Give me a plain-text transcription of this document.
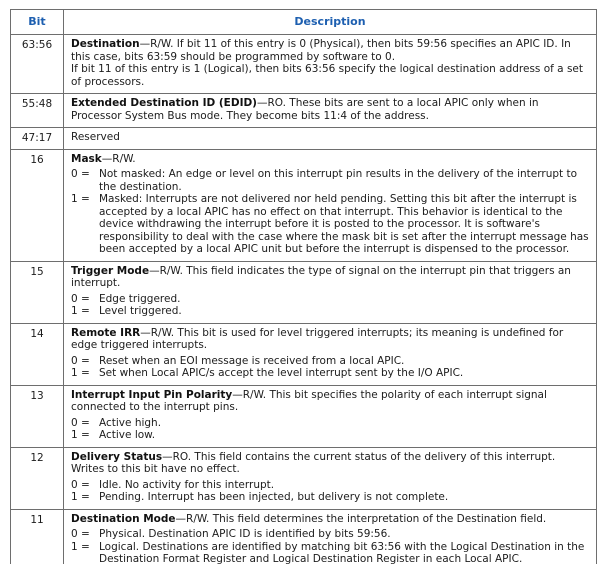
Bit	Description
63:56	Destination—R/W. If bit 11 of this entry is 0 (Physical), then bits 59:56 specifies an APIC ID. In this case, bits 63:59 should be programmed by software to 0.
If bit 11 of this entry is 1 (Logical), then bits 63:56 specify the logical destination address of a set of processors.

55:48	Extended Destination ID (EDID)—RO. These bits are sent to a local APIC only when in Processor System Bus mode. They become bits 11:4 of the address.

47:17	Reserved

16	Mask—R/W.
0 = Not masked: An edge or level on this interrupt pin results in the delivery of the interrupt to the destination.
1 = Masked: Interrupts are not delivered nor held pending. Setting this bit after the interrupt is accepted by a local APIC has no effect on that interrupt. This behavior is identical to the device withdrawing the interrupt before it is posted to the processor. It is software's responsibility to deal with the case where the mask bit is set after the interrupt message has been accepted by a local APIC unit but before the interrupt is dispensed to the processor.

15	Trigger Mode—R/W. This field indicates the type of signal on the interrupt pin that triggers an interrupt.
0 = Edge triggered.
1 = Level triggered.

14	Remote IRR—R/W. This bit is used for level triggered interrupts; its meaning is undefined for edge triggered interrupts.
0 = Reset when an EOI message is received from a local APIC.
1 = Set when Local APIC/s accept the level interrupt sent by the I/O APIC.

13	Interrupt Input Pin Polarity—R/W. This bit specifies the polarity of each interrupt signal connected to the interrupt pins.
0 = Active high.
1 = Active low.

12	Delivery Status—RO. This field contains the current status of the delivery of this interrupt. Writes to this bit have no effect.
0 = Idle. No activity for this interrupt.
1 = Pending. Interrupt has been injected, but delivery is not complete.

11	Destination Mode—R/W. This field determines the interpretation of the Destination field.
0 = Physical. Destination APIC ID is identified by bits 59:56.
1 = Logical. Destinations are identified by matching bit 63:56 with the Logical Destination in the Destination Format Register and Logical Destination Register in each Local APIC.
